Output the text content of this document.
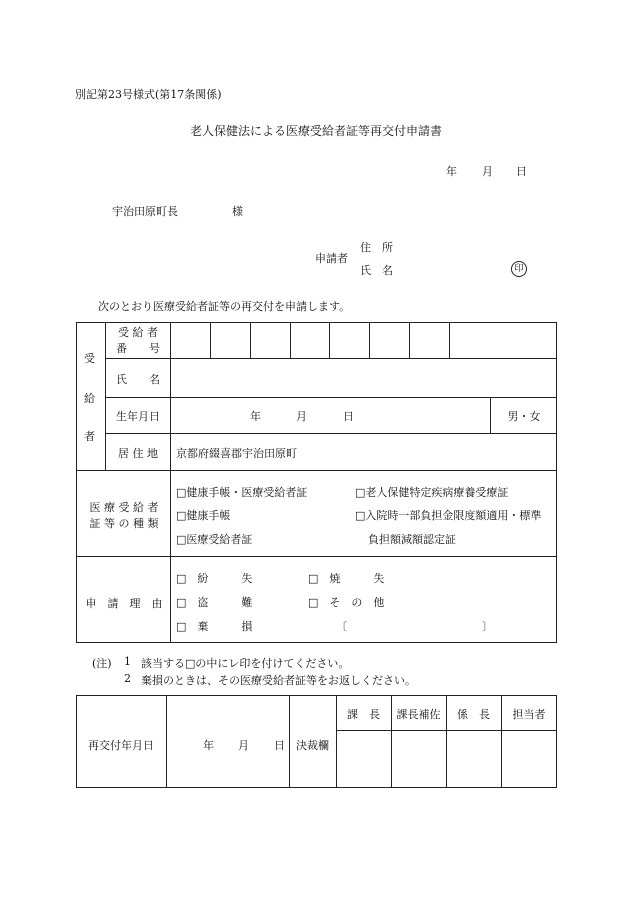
別記第23号様式(第17条関係)
老人保健法による医療受給者証等再交付申請書
年 月 日
宇治田原町長	様
申請者
住　所
氏　名	印
次のとおり医療受給者証等の再交付を申請します。
受
給
者
受 給 者
番　　号
氏　　名
生年月日	年	月	日	男・女
居 住 地	京都府綴喜郡宇治田原町
医 療 受 給 者
証 等 の 種 類
□健康手帳・医療受給者証	□老人保健特定疾病療養受療証
□健康手帳	□入院時一部負担金限度額適用・標準
□医療受給者証	負担額減額認定証
申　請　理　由
□　紛　　　失	□　焼　　　失
□　盗　　　難	□　そ　の　他
□　棄　　　損	〔	〕
(注) 1 該当する□の中にレ印を付けてください。
2 棄損のときは、その医療受給者証等をお返しください。
再交付年月日	年 月 日	決裁欄
課　長	課長補佐	係　長	担当者
